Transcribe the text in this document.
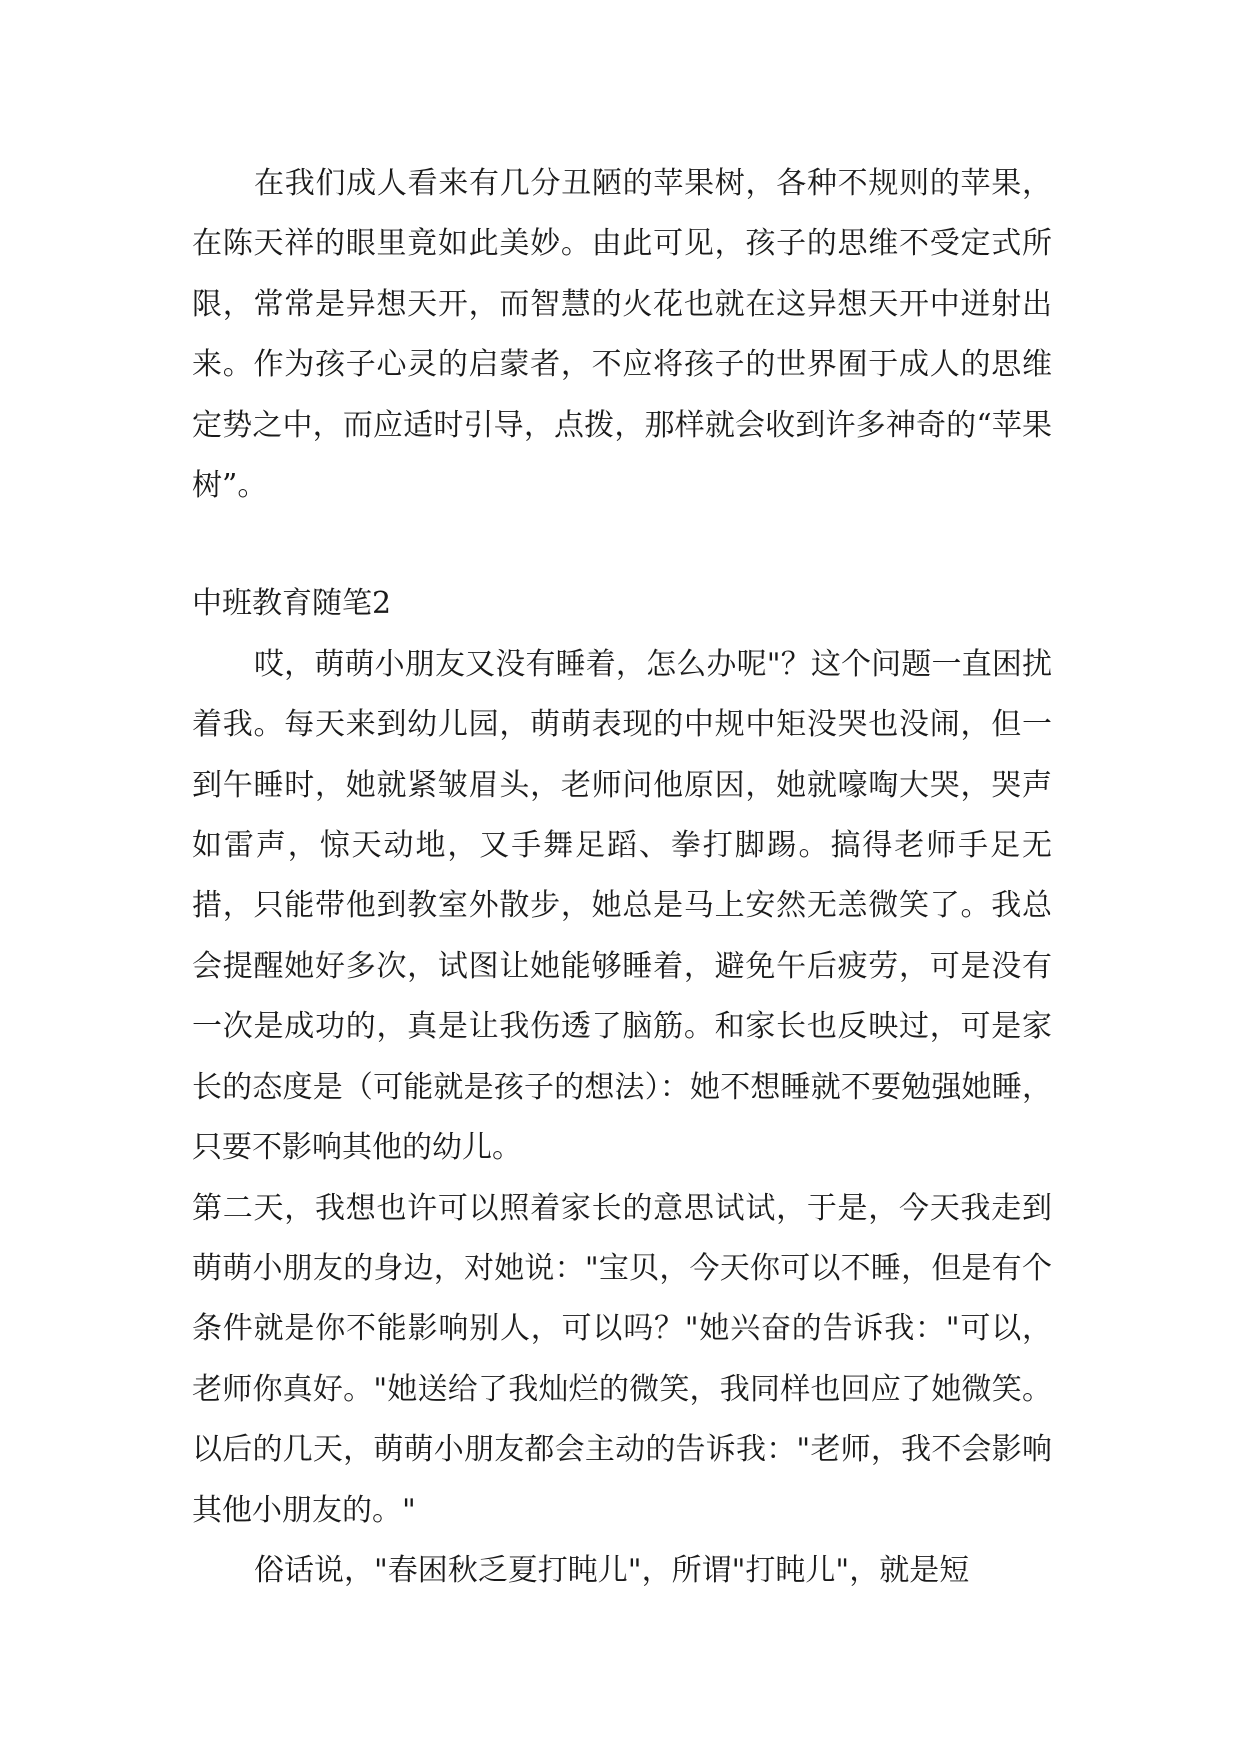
在我们成人看来有几分丑陋的苹果树，各种不规则的苹果，在陈天祥的眼里竟如此美妙。由此可见，孩子的思维不受定式所限，常常是异想天开，而智慧的火花也就在这异想天开中迸射出来。作为孩子心灵的启蒙者，不应将孩子的世界囿于成人的思维定势之中，而应适时引导，点拨，那样就会收到许多神奇的“苹果树”。

中班教育随笔2

哎，萌萌小朋友又没有睡着，怎么办呢"？这个问题一直困扰着我。每天来到幼儿园，萌萌表现的中规中矩没哭也没闹，但一到午睡时，她就紧皱眉头，老师问他原因，她就嚎啕大哭，哭声如雷声，惊天动地，又手舞足蹈、拳打脚踢。搞得老师手足无措，只能带他到教室外散步，她总是马上安然无恙微笑了。我总会提醒她好多次，试图让她能够睡着，避免午后疲劳，可是没有一次是成功的，真是让我伤透了脑筋。和家长也反映过，可是家长的态度是（可能就是孩子的想法）：她不想睡就不要勉强她睡，只要不影响其他的幼儿。

第二天，我想也许可以照着家长的意思试试，于是，今天我走到萌萌小朋友的身边，对她说："宝贝，今天你可以不睡，但是有个条件就是你不能影响别人，可以吗？"她兴奋的告诉我："可以，老师你真好。"她送给了我灿烂的微笑，我同样也回应了她微笑。以后的几天，萌萌小朋友都会主动的告诉我："老师，我不会影响其他小朋友的。"

俗话说，"春困秋乏夏打盹儿"，所谓"打盹儿"，就是短
